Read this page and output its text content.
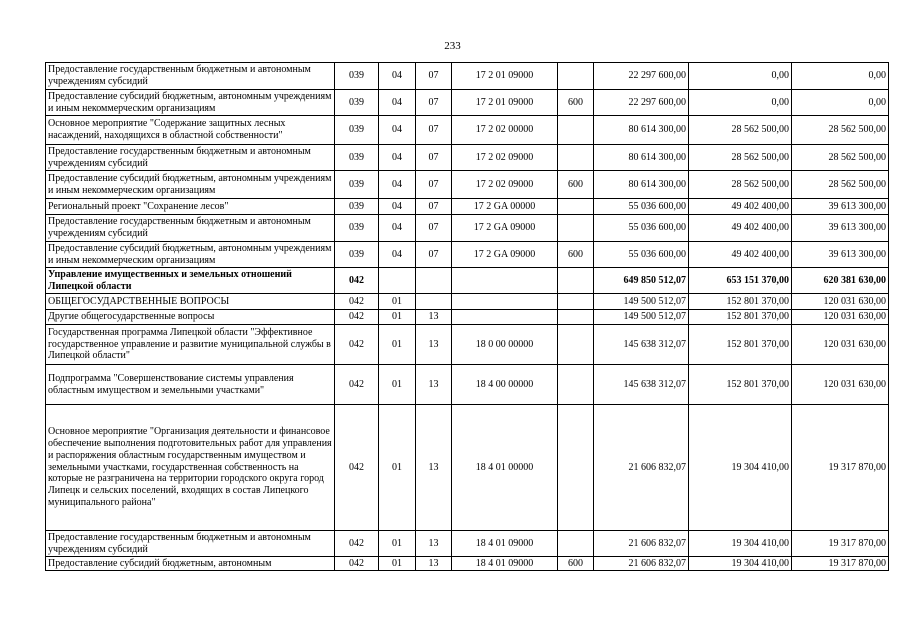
233
Предоставление государственным бюджетным и автономным учреждениям субсидий	039	04	07	17 2 01 09000		22 297 600,00	0,00	0,00
Предоставление субсидий бюджетным, автономным учреждениям и иным некоммерческим организациям	039	04	07	17 2 01 09000	600	22 297 600,00	0,00	0,00
Основное мероприятие "Содержание защитных лесных насаждений, находящихся в областной собственности"	039	04	07	17 2 02 00000		80 614 300,00	28 562 500,00	28 562 500,00
Предоставление государственным бюджетным и автономным учреждениям субсидий	039	04	07	17 2 02 09000		80 614 300,00	28 562 500,00	28 562 500,00
Предоставление субсидий бюджетным, автономным учреждениям и иным некоммерческим организациям	039	04	07	17 2 02 09000	600	80 614 300,00	28 562 500,00	28 562 500,00
Региональный проект "Сохранение лесов"	039	04	07	17 2 GA 00000		55 036 600,00	49 402 400,00	39 613 300,00
Предоставление государственным бюджетным и автономным учреждениям субсидий	039	04	07	17 2 GA 09000		55 036 600,00	49 402 400,00	39 613 300,00
Предоставление субсидий бюджетным, автономным учреждениям и иным некоммерческим организациям	039	04	07	17 2 GA 09000	600	55 036 600,00	49 402 400,00	39 613 300,00
Управление имущественных и земельных отношений Липецкой области	042					649 850 512,07	653 151 370,00	620 381 630,00
ОБЩЕГОСУДАРСТВЕННЫЕ ВОПРОСЫ	042	01				149 500 512,07	152 801 370,00	120 031 630,00
Другие общегосударственные вопросы	042	01	13			149 500 512,07	152 801 370,00	120 031 630,00
Государственная программа Липецкой области "Эффективное государственное управление и развитие муниципальной службы в Липецкой области"	042	01	13	18 0 00 00000		145 638 312,07	152 801 370,00	120 031 630,00
Подпрограмма "Совершенствование системы управления областным имуществом и земельными участками"	042	01	13	18 4 00 00000		145 638 312,07	152 801 370,00	120 031 630,00
Основное мероприятие "Организация деятельности и финансовое обеспечение выполнения подготовительных работ для управления и распоряжения областным государственным имуществом и земельными участками, государственная собственность на которые не разграничена на территории городского округа город Липецк и сельских поселений, входящих в состав Липецкого муниципального района"	042	01	13	18 4 01 00000		21 606 832,07	19 304 410,00	19 317 870,00
Предоставление государственным бюджетным и автономным учреждениям субсидий	042	01	13	18 4 01 09000		21 606 832,07	19 304 410,00	19 317 870,00
Предоставление субсидий бюджетным, автономным	042	01	13	18 4 01 09000	600	21 606 832,07	19 304 410,00	19 317 870,00
